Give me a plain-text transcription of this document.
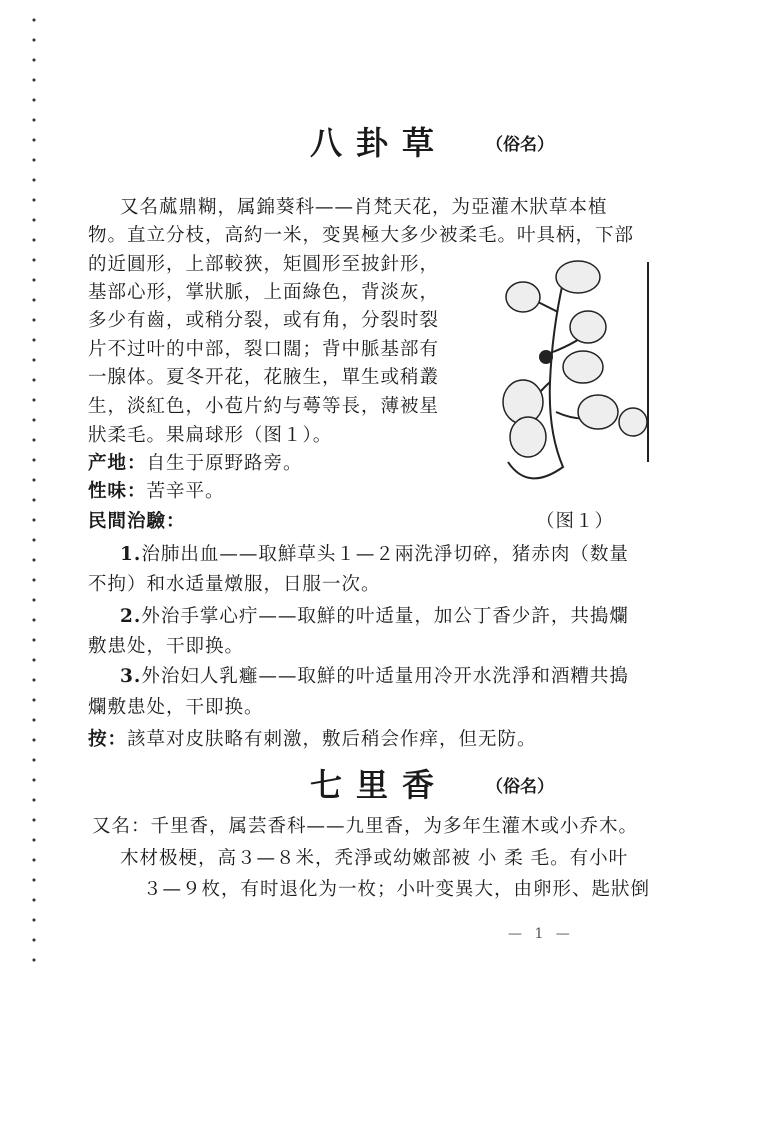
八卦草 （俗名）
又名蓏鼎糊，属錦葵科——肖梵天花，为亞灌木狀草本植
物。直立分枝，高約一米，变異極大多少被柔毛。叶具柄，下部
的近圓形，上部較狹，矩圓形至披針形，
基部心形，掌狀脈，上面綠色，背淡灰，
多少有齒，或稍分裂，或有角，分裂时裂
片不过叶的中部，裂口闊；背中脈基部有
一腺体。夏冬开花，花腋生，單生或稍叢
生，淡紅色，小苞片約与蕚等長，薄被星
狀柔毛。果扁球形（图１）。
产地：自生于原野路旁。
性味：苦辛平。
民間治驗：	（图１）
1.治肺出血——取鮮草头１—２兩洗淨切碎，猪赤肉（数量
不拘）和水适量燉服，日服一次。
2.外治手掌心疔——取鮮的叶适量，加公丁香少許，共搗爛
敷患处，干即换。
3.外治妇人乳癰——取鮮的叶适量用冷开水洗淨和酒糟共搗
爛敷患处，干即换。
按：該草对皮肤略有刺激，敷后稍会作痒，但无防。
七里香 （俗名）
又名：千里香，属芸香科——九里香，为多年生灌木或小乔木。
木材极梗，高３—８米，秃淨或幼嫩部被 小 柔 毛。有小叶
３—９枚，有时退化为一枚；小叶变異大，由卵形、匙狀倒
— 1 —
